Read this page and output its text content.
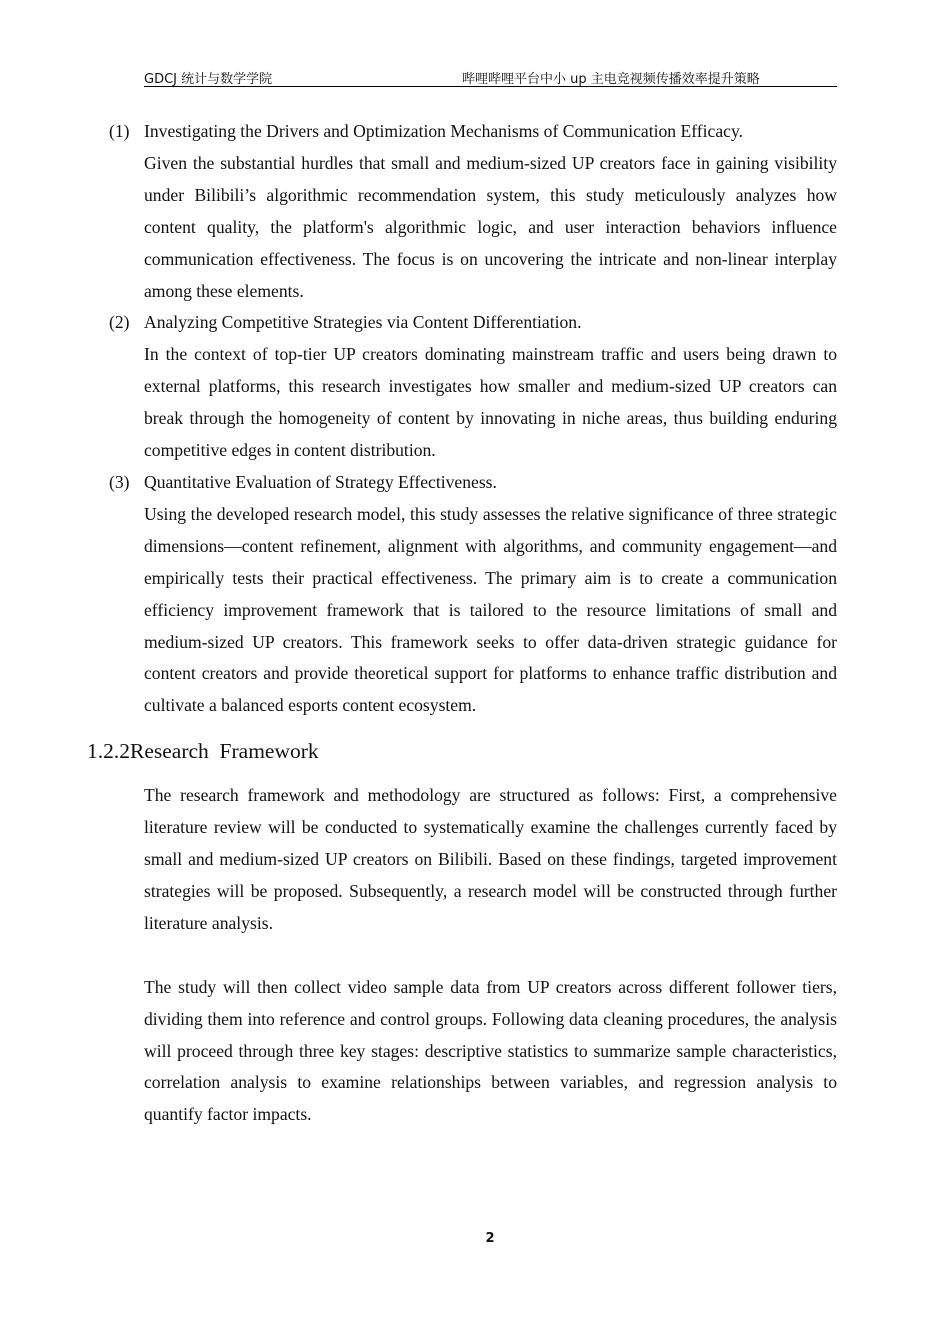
GDCJ 统计与数学学院	哔哩哔哩平台中小 up 主电竞视频传播效率提升策略
(1) Investigating the Drivers and Optimization Mechanisms of Communication Efficacy.

Given the substantial hurdles that small and medium-sized UP creators face in gaining visibility under Bilibili’s algorithmic recommendation system, this study meticulously analyzes how content quality, the platform's algorithmic logic, and user interaction behaviors influence communication effectiveness. The focus is on uncovering the intricate and non-linear interplay among these elements.

(2) Analyzing Competitive Strategies via Content Differentiation.

In the context of top-tier UP creators dominating mainstream traffic and users being drawn to external platforms, this research investigates how smaller and medium-sized UP creators can break through the homogeneity of content by innovating in niche areas, thus building enduring competitive edges in content distribution.

(3) Quantitative Evaluation of Strategy Effectiveness.

Using the developed research model, this study assesses the relative significance of three strategic dimensions—content refinement, alignment with algorithms, and community engagement—and empirically tests their practical effectiveness. The primary aim is to create a communication efficiency improvement framework that is tailored to the resource limitations of small and medium-sized UP creators. This framework seeks to offer data-driven strategic guidance for content creators and provide theoretical support for platforms to enhance traffic distribution and cultivate a balanced esports content ecosystem.

1.2.2Research  Framework

The research framework and methodology are structured as follows: First, a comprehensive literature review will be conducted to systematically examine the challenges currently faced by small and medium-sized UP creators on Bilibili. Based on these findings, targeted improvement strategies will be proposed. Subsequently, a research model will be constructed through further literature analysis.

The study will then collect video sample data from UP creators across different follower tiers, dividing them into reference and control groups. Following data cleaning procedures, the analysis will proceed through three key stages: descriptive statistics to summarize sample characteristics, correlation analysis to examine relationships between variables, and regression analysis to quantify factor impacts.

2
